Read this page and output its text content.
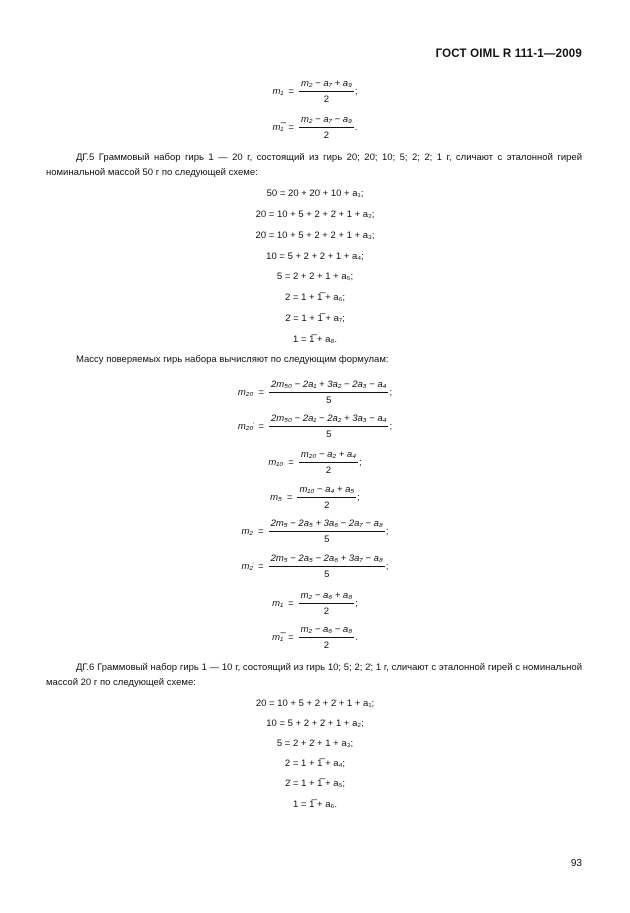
ГОСТ OIML R 111-1—2009
$m_1 = \frac{\text{m₂ − a₇ + a₉}}{2}$ ;
m₁̅ = $\frac{\text{m₂ − a₇ − a₉}}{2}$ .
ДГ.5 Граммовый набор гирь 1 — 20 г, состоящий из гирь 20; 20̇; 10; 5; 2; 2̇; 1 г, сличают с эталонной гирей номинальной массой 50 г по следующей схеме:
50 = 20 + 20̇ + 10 + a₁;
20 = 10 + 5 + 2 + 2̇ + 1 + a₂;
20̇ = 10 + 5 + 2 + 2 + 1 + a₃;
10 = 5 + 2 + 2 + 1 + a₄;
5 = 2 + 2 + 1 + a₅;
2 = 1 + 1̅ + a₆;
2̇ = 1 + 1̅ + a₇;
1 = 1̅ + a₈.
Массу поверяемых гирь набора вычисляют по следующим формулам:
$m_{20} = \frac{\text{2m₅₀ − 2a₁ + 3a₂ − 2a₃ − a₄}}{5}$ ;
m₂₀̇ = $\frac{\text{2m₅₀ − 2a₁ − 2a₂ + 3a₃ − a₄}}{5}$ ;
$m_{10} = \frac{\text{m₂₀ − a₂ + a₄}}{2}$ ;
$m_5 = \frac{\text{m₁₀ − a₄ + a₅}}{2}$ ;
$m_2 = \frac{\text{2m₅ − 2a₅ + 3a₆ − 2a₇ − a₈}}{5}$ ;
m₂̇ = $\frac{\text{2m₅ − 2a₅ − 2a₆ + 3a₇ − a₈}}{5}$ ;
$m_1 = \frac{\text{m₂ − a₆ + a₈}}{2}$ ;
m₁̅ = $\frac{\text{m₂ − a₆ − a₈}}{2}$ .
ДГ.6 Граммовый набор гирь 1 — 10 г, состоящий из гирь 10; 5; 2; 2̇; 1 г, сличают с эталонной гирей с номинальной массой 20 г по следующей схеме:
20 = 10 + 5 + 2 + 2̇ + 1 + a₁;
10 = 5 + 2 + 2̇ + 1 + a₂;
5 = 2 + 2̇ + 1 + a₃;
2 = 1 + 1̅ + a₄;
2̇ = 1 + 1̅ + a₅;
1 = 1̅ + a₆.
93
